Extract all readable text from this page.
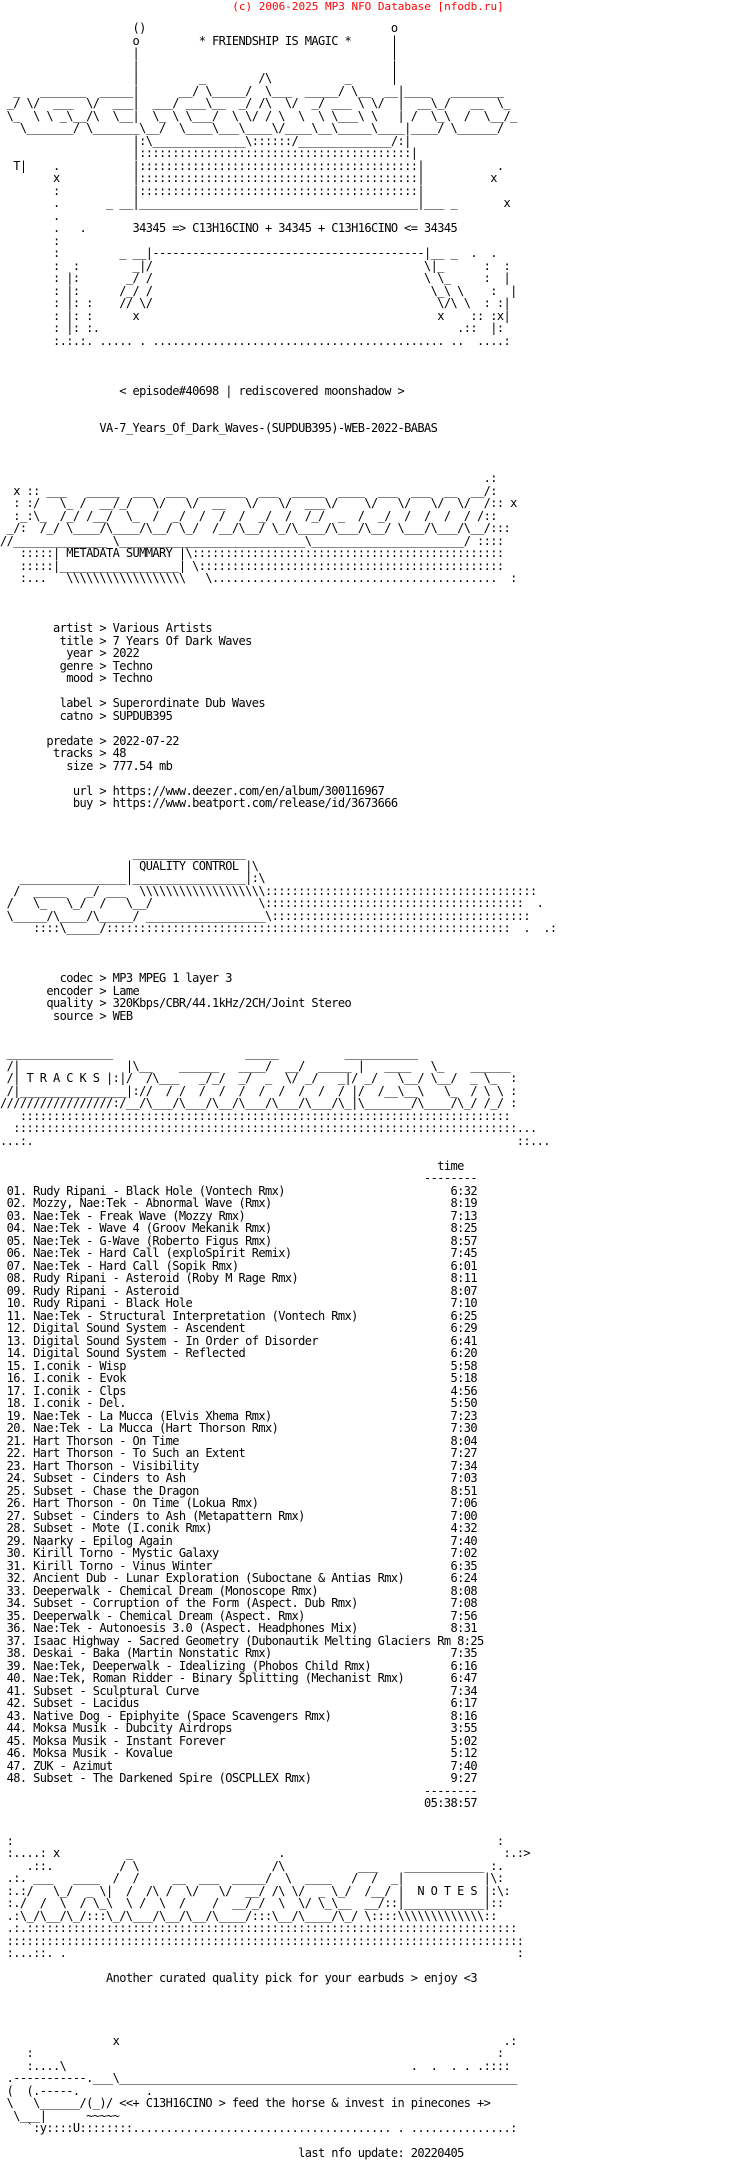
(c) 2006-2025 MP3 NFO Database [nfodb.ru]
()                                     o
o         * FRIENDSHIP IS MAGIC *      |
|                                      |
|                                      |
|         _        /\           _      |
_   _______  _____|      __/ \_____/  \___  _____/ \__  __|____   ________
_/ \/  ___  \/  ___|  ___/ ___\__  _/ /\  \/  _/ ___ \ \/  |  __\_/   __  \_
\_  \ \ _\__/\  \__|  \_ \ \___/  \ \/ / \  \  \ \___\ \   | /  \_\  /  \__/_
\_______/ \_______\__/  \____\___\____\/____\__\_____\____|____/ \______/
|:\______________\::::::/______________/:|
|:::::::::::::::::::::::::::::::::::::::::|
T|    .           |::::::::::::::::::::::::::::::::::::::::::|           .
x           |::::::::::::::::::::::::::::::::::::::::::|          x
:           |::::::::::::::::::::::::::::::::::::::::::|
.       _ __|__________________________________________|___ _       x
.
.   .       34345 => C13H16CINO + 34345 + C13H16CINO <= 34345
:
:         _ __|-----------------------------------------|__ _  .  .
:  :        _|/                                         \|_      :  :
: |:       _/ /                                         \ \_     :  |
: |:      /_/ /                                          \_\ \    :  |
: |: :    // \/                                           \/\ \  : :|
: |: :      x                                             x    :: :x|
: |: :.                                                      .::  |:
:.:.:. ..... . ............................................ ..  ....:

< episode#40698 | rediscovered moonshadow >

VA-7_Years_Of_Dark_Waves-(SUPDUB395)-WEB-2022-BABAS

.:
x :: ___   _____  ___  ___  _______  ___  _____  ____  ___  ___  __  __/:
: :/   \_ /  __/_/   \/   \/  __   \/   \/  ___\/    \/   \/   \/  \/  /:: x
:_:\_  /_/ /__/  \_  /  _/  /  /  /  _/  /  /_/  _  /  _/  /  /  /  / /::
_/:  /_/ \____/\____/\__/ \_/  /__/\__/ \_/\____/\___/\__/ \___/\___/\__/:::
//______________ \____________________________\_______________________/ ::::
:::::| METADATA SUMMARY |\:::::::::::::::::::::::::::::::::::::::::::::::
:::::|__________________| \::::::::::::::::::::::::::::::::::::::::::::::
:...   \\\\\\\\\\\\\\\\\\   \...........................................  :

artist > Various Artists
title > 7 Years Of Dark Waves
year > 2022
genre > Techno
mood > Techno

label > Superordinate Dub Waves
catno > SUPDUB395

predate > 2022-07-22
tracks > 48
size > 777.54 mb

url > https://www.deezer.com/en/album/300116967
buy > https://www.beatport.com/release/id/3673666

_________________
| QUALITY CONTROL |\
________________|_________________|:\
/  _____   _/ ___  \\\\\\\\\\\\\\\\\\\:::::::::::::::::::::::::::::::::::::::::
/   \_   \_/  /   \__/                \:::::::::::::::::::::::::::::::::::::::  .
\_____/\____/\_____/ __________________\:::::::::::::::::::::::::::::::::::::::
::::\_____/:::::::::::::::::::::::::::::::::::::::::::::::::::::::::::::  .  .:

codec > MP3 MPEG 1 layer 3
encoder > Lame
quality > 320Kbps/CBR/44.1kHz/2CH/Joint Stereo
source > WEB

________________                    _____          ___________
/|                |\__    ______   ____/  __/  _____ |   ____   \_    ______
/| T R A C K S |:|/  /\___   _/_/  _/  _  \/ _/   _|/ _/   \__/ \__/  _ \_  :
/|________________|://  / /  /  /  /  /  /  /  /  / |/  /__\__\   \_  / \ \ :
/////////////////:/__/\___/\___/\__/\___/\___/\___/\_|\_______/\____/\_/ /_/ :
::::::::::::::::::::::::::::::::::::::::::::::::::::::::::::::::::::::::::
::::::::::::::::::::::::::::::::::::::::::::::::::::::::::::::::::::::::::::...
...:.                                                                         ::...

time
--------
01. Rudy Ripani - Black Hole (Vontech Rmx)	6:32
02. Mozzy, Nae:Tek - Abnormal Wave (Rmx)	8:19
03. Nae:Tek - Freak Wave (Mozzy Rmx)	7:13
04. Nae:Tek - Wave 4 (Groov Mekanik Rmx)	8:25
05. Nae:Tek - G-Wave (Roberto Figus Rmx)	8:57
06. Nae:Tek - Hard Call (exploSpirit Remix)	7:45
07. Nae:Tek - Hard Call (Sopik Rmx)	6:01
08. Rudy Ripani - Asteroid (Roby M Rage Rmx)	8:11
09. Rudy Ripani - Asteroid	8:07
10. Rudy Ripani - Black Hole	7:10
11. Nae:Tek - Structural Interpretation (Vontech Rmx)	6:25
12. Digital Sound System - Ascendent	6:29
13. Digital Sound System - In Order of Disorder	6:41
14. Digital Sound System - Reflected	6:20
15. I.conik - Wisp	5:58
16. I.conik - Evok	5:18
17. I.conik - Clps	4:56
18. I.conik - Del.	5:50
19. Nae:Tek - La Mucca (Elvis Xhema Rmx)	7:23
20. Nae:Tek - La Mucca (Hart Thorson Rmx)	7:30
21. Hart Thorson - On Time	8:04
22. Hart Thorson - To Such an Extent	7:27
23. Hart Thorson - Visibility	7:34
24. Subset - Cinders to Ash	7:03
25. Subset - Chase the Dragon	8:51
26. Hart Thorson - On Time (Lokua Rmx)	7:06
27. Subset - Cinders to Ash (Metapattern Rmx)	7:00
28. Subset - Mote (I.conik Rmx)	4:32
29. Naarky - Epilog Again	7:40
30. Kirill Torno - Mystic Galaxy	7:02
31. Kirill Torno - Vinus Winter	6:35
32. Ancient Dub - Lunar Exploration (Suboctane & Antias Rmx)	6:24
33. Deeperwalk - Chemical Dream (Monoscope Rmx)	8:08
34. Subset - Corruption of the Form (Aspect. Dub Rmx)	7:08
35. Deeperwalk - Chemical Dream (Aspect. Rmx)	7:56
36. Nae:Tek - Autonoesis 3.0 (Aspect. Headphones Mix)	8:31
37. Isaac Highway - Sacred Geometry (Dubonautik Melting Glaciers Rm 8:25
38. Deskai - Baka (Martin Nonstatic Rmx)	7:35
39. Nae:Tek, Deeperwalk - Idealizing (Phobos Child Rmx)	6:16
40. Nae:Tek, Roman Ridder - Binary Splitting (Mechanist Rmx)	6:47
41. Subset - Sculptural Curve	7:34
42. Subset - Lacidus	6:17
43. Native Dog - Epiphyite (Space Scavengers Rmx)	8:16
44. Moksa Musik - Dubcity Airdrops	3:55
45. Moksa Musik - Instant Forever	5:02
46. Moksa Musik - Kovalue	5:12
47. ZUK - Azimut	7:40
48. Subset - The Darkened Spire (OSCPLLEX Rmx)	9:27
--------
05:38:57

:                                                                         :
:....: x          _                      .                                 :.:>
.::.          / \                    /\           ___    ____________ :.
.:. ___   ____  /  /     __  ___  _____/  \  ____   /  /  _|            |\:
:.:/   \_/  _ \|  /  /\ /  \/   \/  __/ /\ \/  _ \_/  /__/ |  N O T E S |:\:
:./  /  \  / \_\  \ /  \  /    /  __/_/  \  \/ \_\__  __/::|____________|::
.:\_/\__/\_/:::\_/\___/\__/\__/\____/:::\__/\____/\_/ \::::\\\\\\\\\\\\\::
.:.::::::::::::::::::::::::::::::::::::::::::::::::::::::::::::::::::::::::::
::::::::::::::::::::::::::::::::::::::::::::::::::::::::::::::::::::::::::::::
:...::. .                                                                    :

Another curated quality pick for your earbuds > enjoy <3

x                                                          .:
:                                                                      :
:....\                                                    .  .  . . .::::
.-----------.___\____________________________________________________________
(  (.-----.          .
\   \______/(_)/ <<+ C13H16CINO > feed the horse & invest in pinecones +>
\___|      ~~~~~
`:y::::U::::::::....................................... . ...............:

last nfo update: 20220405
